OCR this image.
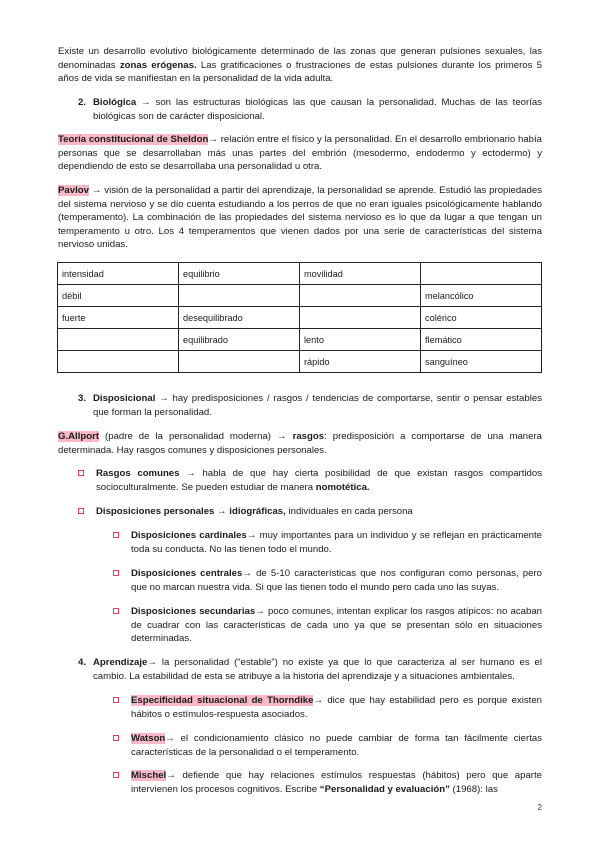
Existe un desarrollo evolutivo biológicamente determinado de las zonas que generan pulsiones sexuales, las denominadas zonas erógenas. Las gratificaciones o frustraciones de estas pulsiones durante los primeros 5 años de vida se manifiestan en la personalidad de la vida adulta.

2. Biológica → son las estructuras biológicas las que causan la personalidad. Muchas de las teorías biológicas son de carácter disposicional.

Teoría constitucional de Sheldon→ relación entre el físico y la personalidad. En el desarrollo embrionario había personas que se desarrollaban más unas partes del embrión (mesodermo, endodermo y ectodermo) y dependiendo de esto se desarrollaba una personalidad u otra.

Pavlov → visión de la personalidad a partir del aprendizaje, la personalidad se aprende. Estudió las propiedades del sistema nervioso y se dio cuenta estudiando a los perros de que no eran iguales psicológicamente hablando (temperamento). La combinación de las propiedades del sistema nervioso es lo que da lugar a que tengan un temperamento u otro. Los 4 temperamentos que vienen dados por una serie de características del sistema nervioso unidas.

intensidad	equilibrio	movilidad	
débil			melancólico
fuerte	desequilibrado		colérico
	equilibrado	lento	flemático
		rápido	sanguíneo
3. Disposicional → hay predisposiciones / rasgos / tendencias de comportarse, sentir o pensar estables que forman la personalidad.

G.Allport (padre de la personalidad moderna) → rasgos: predisposición a comportarse de una manera determinada. Hay rasgos comunes y disposiciones personales.

Rasgos comunes → habla de que hay cierta posibilidad de que existan rasgos compartidos socioculturalmente. Se pueden estudiar de manera nomotética.

Disposiciones personales → idiográficas, individuales en cada persona

Disposiciones cardinales→ muy importantes para un individuo y se reflejan en prácticamente toda su conducta. No las tienen todo el mundo.

Disposiciones centrales→ de 5-10 características que nos configuran como personas, pero que no marcan nuestra vida. Si que las tienen todo el mundo pero cada uno las suyas.

Disposiciones secundarias→ poco comunes, intentan explicar los rasgos atípicos: no acaban de cuadrar con las características de cada uno ya que se presentan sólo en situaciones determinadas.

4. Aprendizaje→ la personalidad (“estable”) no existe ya que lo que caracteriza al ser humano es el cambio. La estabilidad de esta se atribuye a la historia del aprendizaje y a situaciones ambientales.

Especificidad situacional de Thorndike→ dice que hay estabilidad pero es porque existen hábitos o estímulos-respuesta asociados.

Watson→ el condicionamiento clásico no puede cambiar de forma tan fácilmente ciertas características de la personalidad o el temperamento.

Mischel→ defiende que hay relaciones estímulos respuestas (hábitos) pero que aparte intervienen los procesos cognitivos. Escribe “Personalidad y evaluación” (1968): las

2
